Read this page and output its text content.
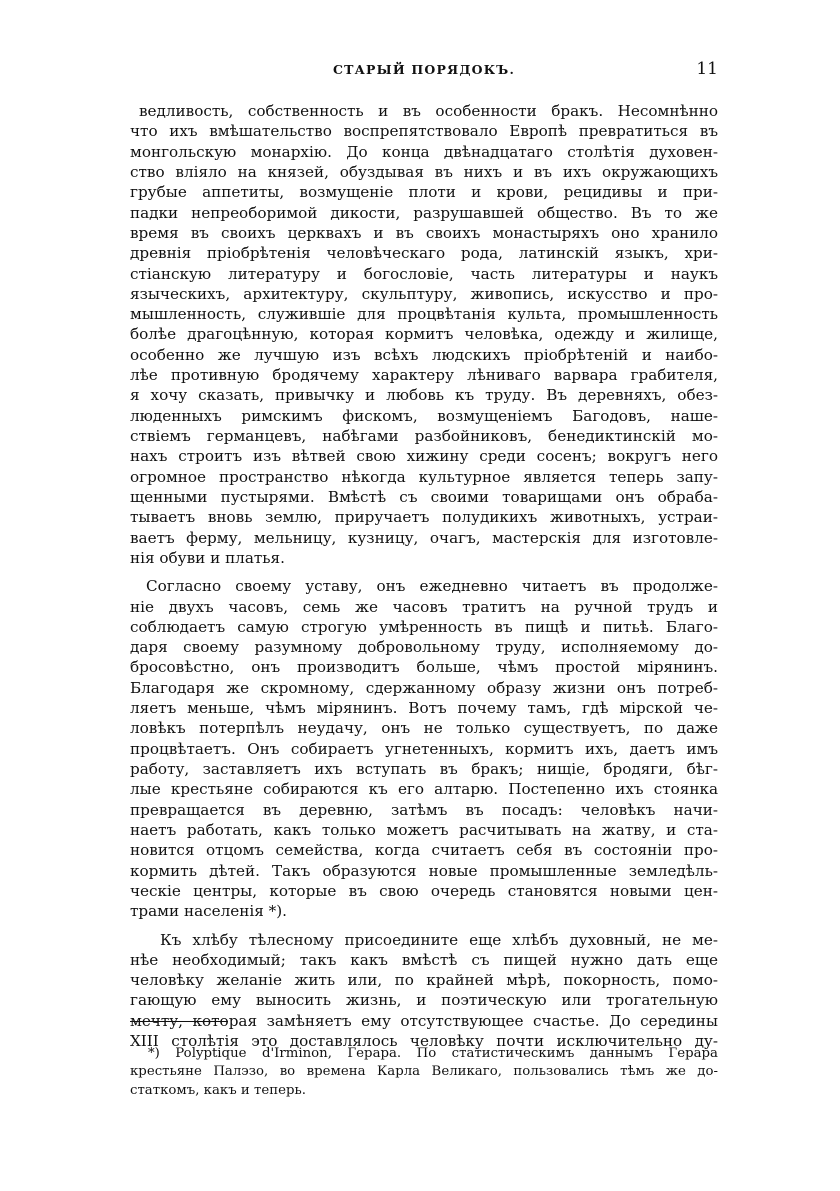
СТАРЫЙ ПОРЯДОКЪ.	11
ведливость, собственность и въ особенности бракъ. Несомнѣнно
что ихъ вмѣшательство воспрепятствовало Европѣ превратиться въ
монгольскую монархію. До конца двѣнадцатаго столѣтія духовен-
ство вліяло на князей, обуздывая въ нихъ и въ ихъ окружающихъ
грубые аппетиты, возмущеніе плоти и крови, рецидивы и при-
падки непреоборимой дикости, разрушавшей общество. Въ то же
время въ своихъ церквахъ и въ своихъ монастыряхъ оно хранило
древнія пріобрѣтенія человѣческаго рода, латинскій языкъ, хри-
стіанскую литературу и богословіе, часть литературы и наукъ
языческихъ, архитектуру, скульптуру, живопись, искусство и про-
мышленность, служившіе для процвѣтанія культа, промышленность
болѣе драгоцѣнную, которая кормитъ человѣка, одежду и жилище,
особенно же лучшую изъ всѣхъ людскихъ пріобрѣтеній и наибо-
лѣе противную бродячему характеру лѣниваго варвара грабителя,
я хочу сказать, привычку и любовь къ труду. Въ деревняхъ, обез-
люденныхъ римскимъ фискомъ, возмущеніемъ Багодовъ, наше-
ствіемъ германцевъ, набѣгами разбойниковъ, бенедиктинскій мо-
нахъ строитъ изъ вѣтвей свою хижину среди сосенъ; вокругъ него
огромное пространство нѣкогда культурное является теперь запу-
щенными пустырями. Вмѣстѣ съ своими товарищами онъ обраба-
тываетъ вновь землю, приручаетъ полудикихъ животныхъ, устраи-
ваетъ ферму, мельницу, кузницу, очагъ, мастерскія для изготовле-
нія обуви и платья.
Согласно своему уставу, онъ ежедневно читаетъ въ продолже-
ніе двухъ часовъ, семь же часовъ тратитъ на ручной трудъ и
соблюдаетъ самую строгую умѣренность въ пищѣ и питьѣ. Благо-
даря своему разумному добровольному труду, исполняемому до-
бросовѣстно, онъ производитъ больше, чѣмъ простой мірянинъ.
Благодаря же скромному, сдержанному образу жизни онъ потреб-
ляетъ меньше, чѣмъ мірянинъ. Вотъ почему тамъ, гдѣ мірской че-
ловѣкъ потерпѣлъ неудачу, онъ не только существуетъ, по даже
процвѣтаетъ. Онъ собираетъ угнетенныхъ, кормитъ ихъ, даетъ имъ
работу, заставляетъ ихъ вступать въ бракъ; нищіе, бродяги, бѣг-
лые крестьяне собираются къ его алтарю. Постепенно ихъ стоянка
превращается въ деревню, затѣмъ въ посадъ: человѣкъ начи-
наетъ работать, какъ только можетъ расчитывать на жатву, и ста-
новится отцомъ семейства, когда считаетъ себя въ состояніи про-
кормить дѣтей. Такъ образуются новые промышленные земледѣль-
ческіе центры, которые въ свою очередь становятся новыми цен-
трами населенія *).
Къ хлѣбу тѣлесному присоедините еще хлѣбъ духовный, не ме-
нѣе необходимый; такъ какъ вмѣстѣ съ пищей нужно дать еще
человѣку желаніе жить или, по крайней мѣрѣ, покорность, помо-
гающую ему выносить жизнь, и поэтическую или трогательную
мечту, которая замѣняетъ ему отсутствующее счастье. До середины
XIII столѣтія это доставлялось человѣку почти исключительно ду-
*) Polyptique d'Irminon, Герара. По статистическимъ даннымъ Герара
крестьяне Палэзо, во времена Карла Великаго, пользовались тѣмъ же до-
статкомъ, какъ и теперь.
